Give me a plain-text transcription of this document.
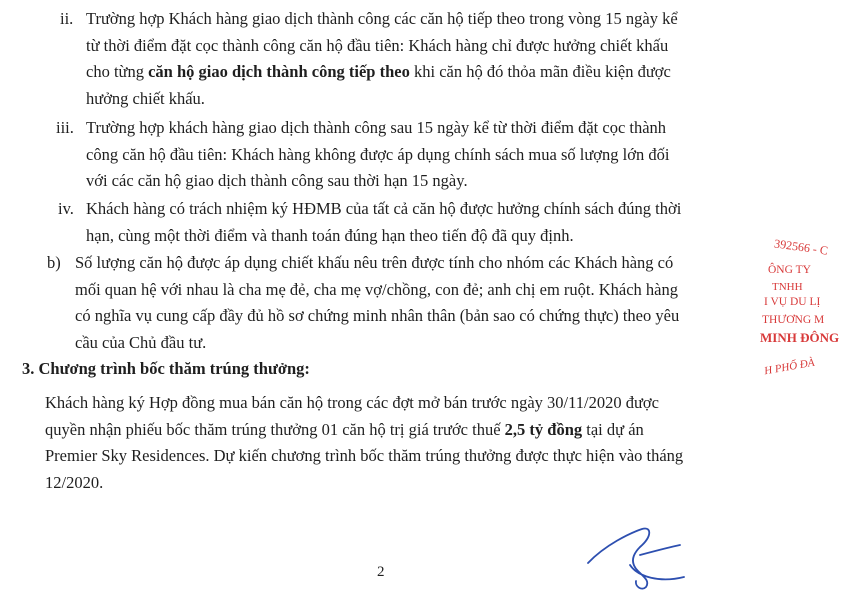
ii. Trường hợp Khách hàng giao dịch thành công các căn hộ tiếp theo trong vòng 15 ngày kể
từ thời điểm đặt cọc thành công căn hộ đầu tiên: Khách hàng chỉ được hưởng chiết khấu
cho từng căn hộ giao dịch thành công tiếp theo khi căn hộ đó thỏa mãn điều kiện được
hưởng chiết khấu.
iii. Trường hợp khách hàng giao dịch thành công sau 15 ngày kể từ thời điểm đặt cọc thành
công căn hộ đầu tiên: Khách hàng không được áp dụng chính sách mua số lượng lớn đối
với các căn hộ giao dịch thành công sau thời hạn 15 ngày.
iv. Khách hàng có trách nhiệm ký HĐMB của tất cả căn hộ được hưởng chính sách đúng thời
hạn, cùng một thời điểm và thanh toán đúng hạn theo tiến độ đã quy định.
b) Số lượng căn hộ được áp dụng chiết khấu nêu trên được tính cho nhóm các Khách hàng có
mối quan hệ với nhau là cha mẹ đẻ, cha mẹ vợ/chồng, con đẻ; anh chị em ruột. Khách hàng
có nghĩa vụ cung cấp đầy đủ hồ sơ chứng minh nhân thân (bản sao có chứng thực) theo yêu
cầu của Chủ đầu tư.
3. Chương trình bốc thăm trúng thưởng:
Khách hàng ký Hợp đồng mua bán căn hộ trong các đợt mở bán trước ngày 30/11/2020 được
quyền nhận phiếu bốc thăm trúng thưởng 01 căn hộ trị giá trước thuế 2,5 tỷ đồng tại dự án
Premier Sky Residences. Dự kiến chương trình bốc thăm trúng thưởng được thực hiện vào tháng
12/2020.
2
392566 - C
ÔNG TY
TNHH
I VỤ DU LỊ
THƯƠNG M
MINH ĐÔNG
H PHỐ ĐÀ
